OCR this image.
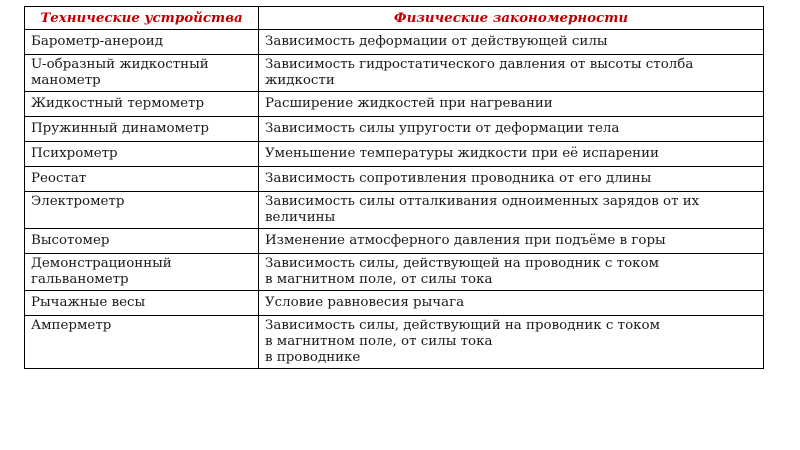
Технические устройства	Физические закономерности

Барометр-анероид	Зависимость деформации от действующей силы

U-образный жидкостный
манометр	Зависимость гидростатического давления от высоты столба
жидкости

Жидкостный термометр	Расширение жидкостей при нагревании

Пружинный динамометр	Зависимость силы упругости от деформации тела

Психрометр	Уменьшение температуры жидкости при её испарении

Реостат	Зависимость сопротивления проводника от его длины

Электрометр	Зависимость силы отталкивания одноименных зарядов от их
величины

Высотомер	Изменение атмосферного давления при подъёме в горы

Демонстрационный
гальванометр	Зависимость силы, действующей на проводник с током
в магнитном поле, от силы тока

Рычажные весы	Условие равновесия рычага

Амперметр	Зависимость силы, действующий на проводник с током
в магнитном поле, от силы тока
в проводнике
